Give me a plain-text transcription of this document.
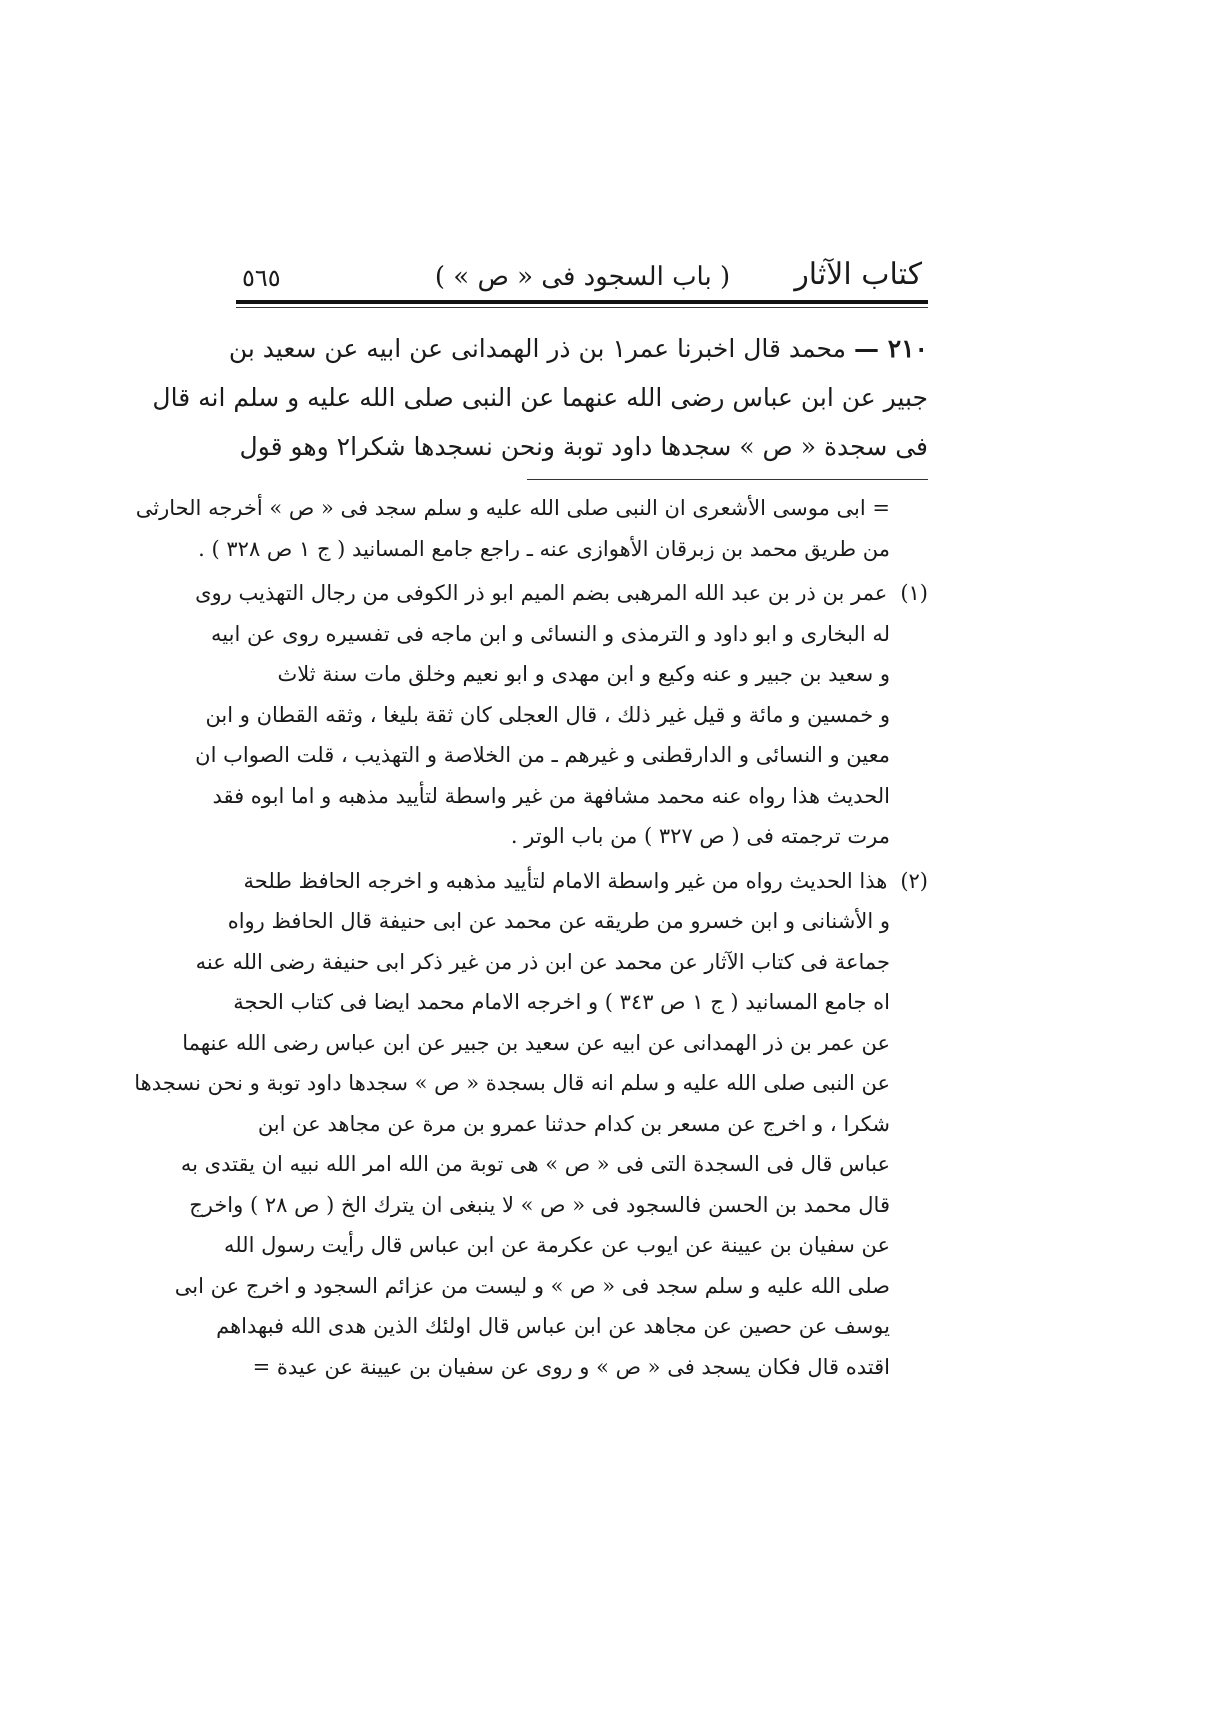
كتاب الآثار
( باب السجود فى « ص » )
٥٦٥
٢١٠ — محمد قال اخبرنا عمر١ بن ذر الهمدانى عن ابيه عن سعيد بن
جبير عن ابن عباس رضى الله عنهما عن النبى صلى الله عليه و سلم انه قال
فى سجدة « ص » سجدها داود توبة ونحن نسجدها شكرا٢ وهو قول
= ابى موسى الأشعرى ان النبى صلى الله عليه و سلم سجد فى « ص » أخرجه الحارثى
من طريق محمد بن زبرقان الأهوازى عنه ـ راجع جامع المسانيد ( ج ١ ص ٣٢٨ ) .
(١) عمر بن ذر بن عبد الله المرهبى بضم الميم ابو ذر الكوفى من رجال التهذيب روى
له البخارى و ابو داود و الترمذى و النسائى و ابن ماجه فى تفسيره روى عن ابيه
و سعيد بن جبير و عنه وكيع و ابن مهدى و ابو نعيم وخلق مات سنة ثلاث
و خمسين و مائة و قيل غير ذلك ، قال العجلى كان ثقة بليغا ، وثقه القطان و ابن
معين و النسائى و الدارقطنى و غيرهم ـ من الخلاصة و التهذيب ، قلت الصواب ان
الحديث هذا رواه عنه محمد مشافهة من غير واسطة لتأييد مذهبه و اما ابوه فقد
مرت ترجمته فى ( ص ٣٢٧ ) من باب الوتر .
(٢) هذا الحديث رواه من غير واسطة الامام لتأييد مذهبه و اخرجه الحافظ طلحة
و الأشنانى و ابن خسرو من طريقه عن محمد عن ابى حنيفة قال الحافظ رواه
جماعة فى كتاب الآثار عن محمد عن ابن ذر من غير ذكر ابى حنيفة رضى الله عنه
اه جامع المسانيد ( ج ١ ص ٣٤٣ ) و اخرجه الامام محمد ايضا فى كتاب الحجة
عن عمر بن ذر الهمدانى عن ابيه عن سعيد بن جبير عن ابن عباس رضى الله عنهما
عن النبى صلى الله عليه و سلم انه قال بسجدة « ص » سجدها داود توبة و نحن نسجدها
شكرا ، و اخرج عن مسعر بن كدام حدثنا عمرو بن مرة عن مجاهد عن ابن
عباس قال فى السجدة التى فى « ص » هى توبة من الله امر الله نبيه ان يقتدى به
قال محمد بن الحسن فالسجود فى « ص » لا ينبغى ان يترك الخ ( ص ٢٨ ) واخرج
عن سفيان بن عيينة عن ايوب عن عكرمة عن ابن عباس قال رأيت رسول الله
صلى الله عليه و سلم سجد فى « ص » و ليست من عزائم السجود و اخرج عن ابى
يوسف عن حصين عن مجاهد عن ابن عباس قال اولئك الذين هدى الله فبهداهم
اقتده قال فكان يسجد فى « ص » و روى عن سفيان بن عيينة عن عيدة =
